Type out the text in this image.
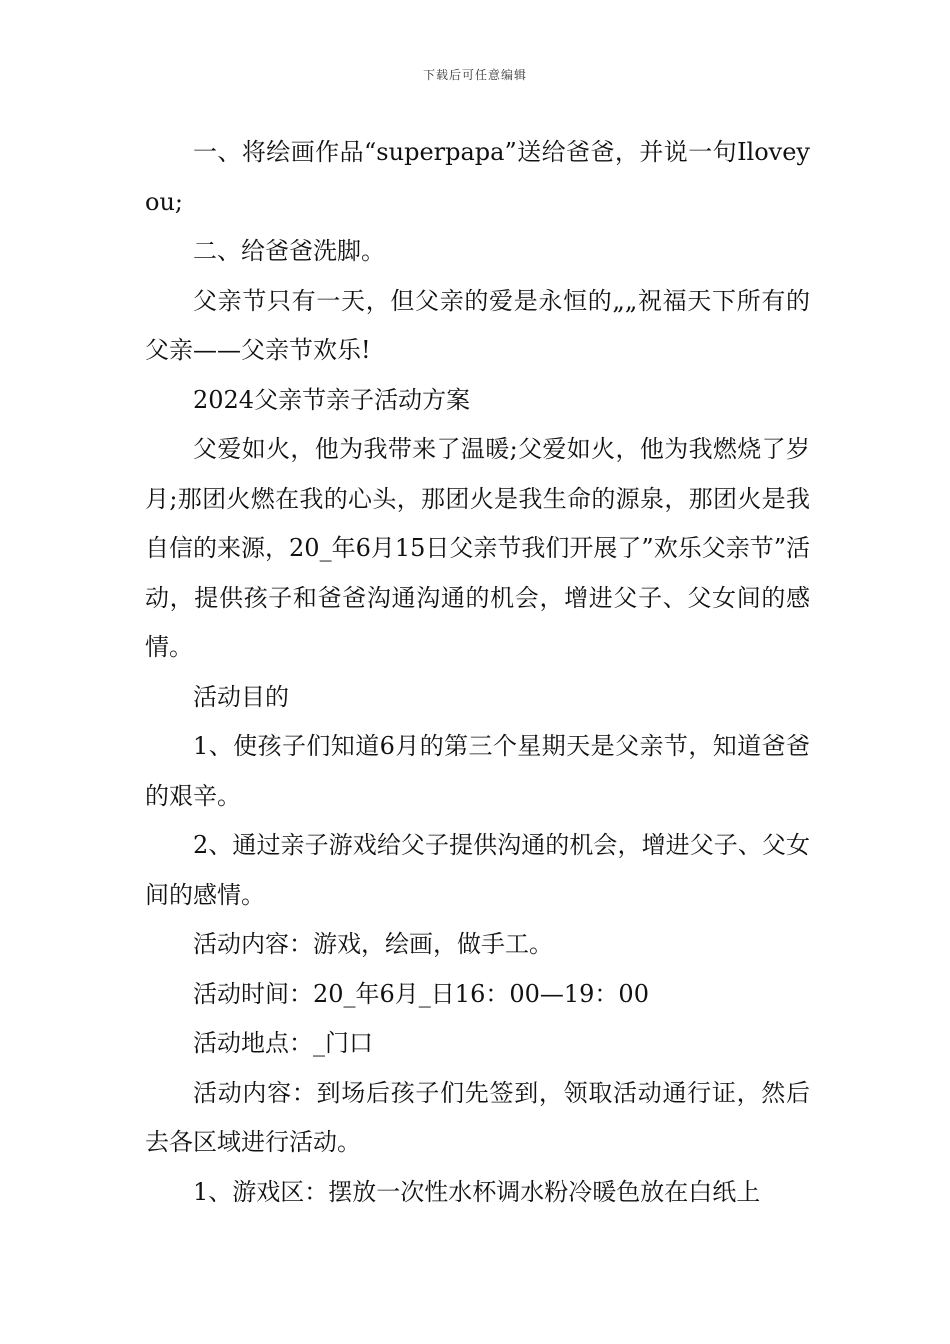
下载后可任意编辑

一、将绘画作品“superpapa”送给爸爸，并说一句Iloveyou;

二、给爸爸洗脚。

父亲节只有一天，但父亲的爱是永恒的„„祝福天下所有的父亲——父亲节欢乐!

2024父亲节亲子活动方案

父爱如火，他为我带来了温暖;父爱如火，他为我燃烧了岁月;那团火燃在我的心头，那团火是我生命的源泉，那团火是我自信的来源，20_年6月15日父亲节我们开展了”欢乐父亲节”活动，提供孩子和爸爸沟通沟通的机会，增进父子、父女间的感情。

活动目的

1、使孩子们知道6月的第三个星期天是父亲节，知道爸爸的艰辛。

2、通过亲子游戏给父子提供沟通的机会，增进父子、父女间的感情。

活动内容：游戏，绘画，做手工。

活动时间：20_年6月_日16：00—19：00

活动地点：_门口

活动内容：到场后孩子们先签到，领取活动通行证，然后去各区域进行活动。

1、游戏区：摆放一次性水杯调水粉冷暖色放在白纸上
